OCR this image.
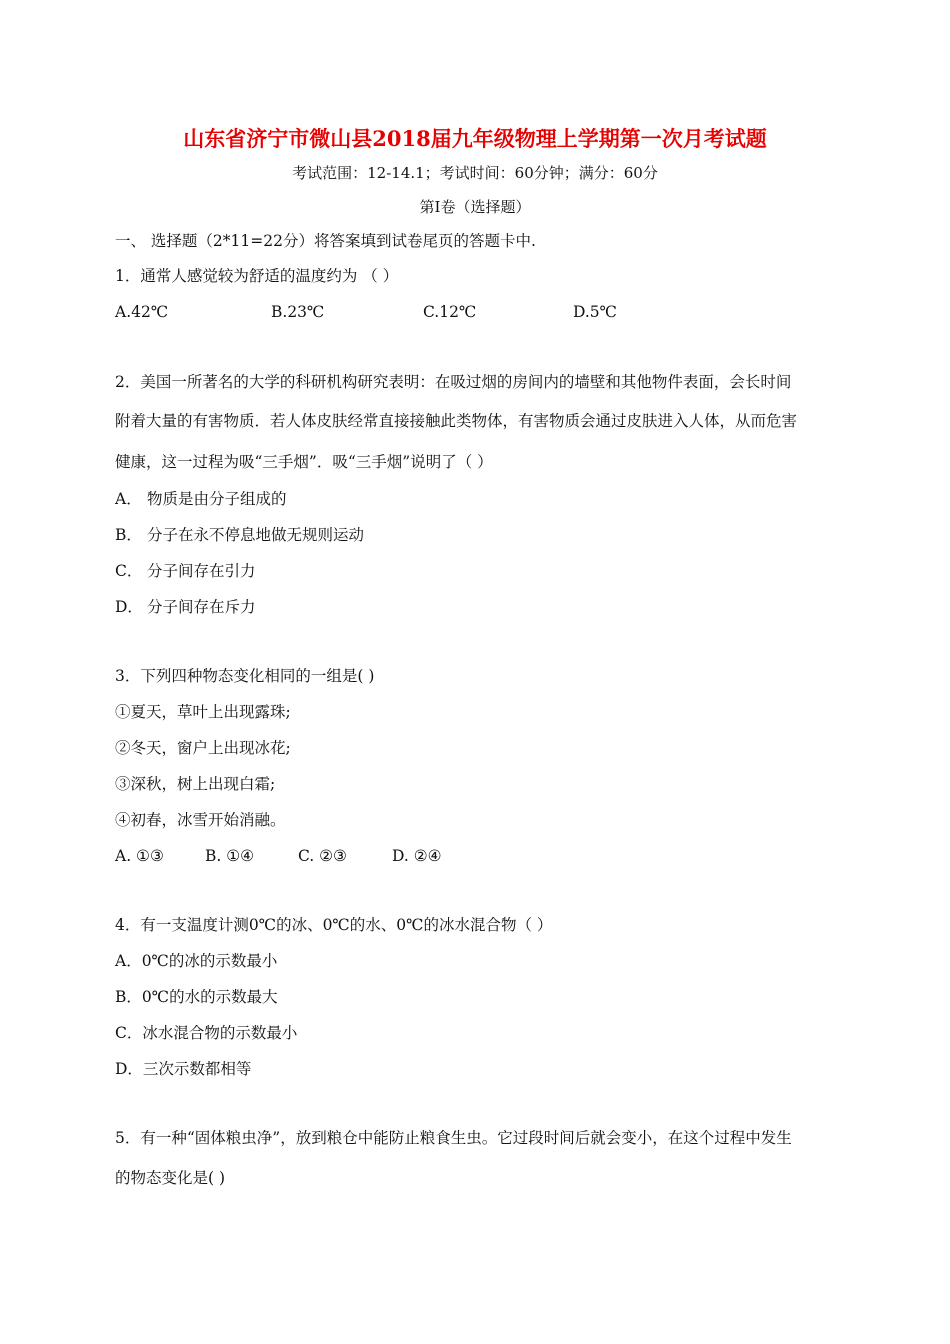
山东省济宁市微山县2018届九年级物理上学期第一次月考试题
考试范围：12-14.1；考试时间：60分钟；满分：60分
第I卷（选择题）
一、 选择题（2*11=22分）将答案填到试卷尾页的答题卡中.
1．通常人感觉较为舒适的温度约为 （ ）
A.42℃	B.23℃	C.12℃	D.5℃
2．美国一所著名的大学的科研机构研究表明：在吸过烟的房间内的墙壁和其他物件表面，会长时间
附着大量的有害物质．若人体皮肤经常直接接触此类物体，有害物质会通过皮肤进入人体，从而危害
健康，这一过程为吸“三手烟”．吸“三手烟”说明了（ ）
A． 物质是由分子组成的
B． 分子在永不停息地做无规则运动
C． 分子间存在引力
D． 分子间存在斥力
3．下列四种物态变化相同的一组是( )
①夏天，草叶上出现露珠;
②冬天，窗户上出现冰花;
③深秋，树上出现白霜;
④初春，冰雪开始消融。
A. ①③	B. ①④	C. ②③	D. ②④
4．有一支温度计测0℃的冰、0℃的水、0℃的冰水混合物（ ）
A．0℃的冰的示数最小
B．0℃的水的示数最大
C．冰水混合物的示数最小
D．三次示数都相等
5．有一种“固体粮虫净”，放到粮仓中能防止粮食生虫。它过段时间后就会变小，在这个过程中发生
的物态变化是( )
